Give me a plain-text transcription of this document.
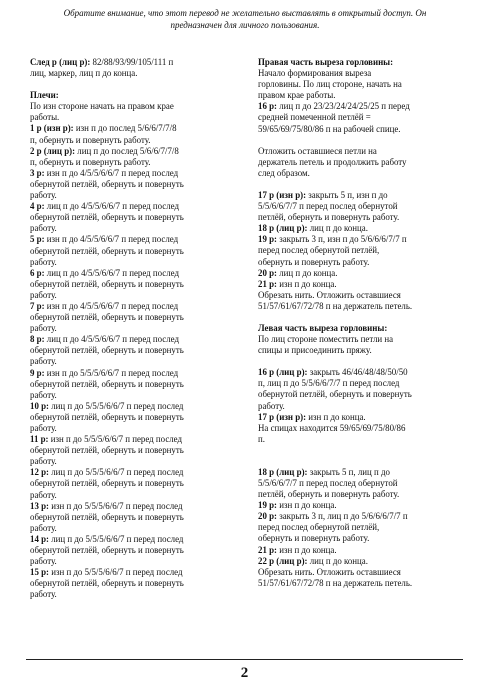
Обратите внимание, что этот перевод не желательно выставлять в открытый доступ. Он
предназначен для личного пользования.
След р (лиц р): 82/88/93/99/105/111 п
лиц, маркер, лиц п до конца.
Плечи:
По изн стороне начать на правом крае
работы.
1 р (изн р): изн п до послед 5/6/6/7/7/8
п, обернуть и повернуть работу.
2 р (лиц р): лиц п до послед 5/6/6/7/7/8
п, обернуть и повернуть работу.
3 р: изн п до 4/5/5/6/6/7 п перед послед
обернутой петлёй, обернуть и повернуть
работу.
4 р: лиц п до 4/5/5/6/6/7 п перед послед
обернутой петлёй, обернуть и повернуть
работу.
5 р: изн п до 4/5/5/6/6/7 п перед послед
обернутой петлёй, обернуть и повернуть
работу.
6 р: лиц п до 4/5/5/6/6/7 п перед послед
обернутой петлёй, обернуть и повернуть
работу.
7 р: изн п до 4/5/5/6/6/7 п перед послед
обернутой петлёй, обернуть и повернуть
работу.
8 р: лиц п до 4/5/5/6/6/7 п перед послед
обернутой петлёй, обернуть и повернуть
работу.
9 р: изн п до 5/5/5/6/6/7 п перед послед
обернутой петлёй, обернуть и повернуть
работу.
10 р: лиц п до 5/5/5/6/6/7 п перед послед
обернутой петлёй, обернуть и повернуть
работу.
11 р: изн п до 5/5/5/6/6/7 п перед послед
обернутой петлёй, обернуть и повернуть
работу.
12 р: лиц п до 5/5/5/6/6/7 п перед послед
обернутой петлёй, обернуть и повернуть
работу.
13 р: изн п до 5/5/5/6/6/7 п перед послед
обернутой петлёй, обернуть и повернуть
работу.
14 р: лиц п до 5/5/5/6/6/7 п перед послед
обернутой петлёй, обернуть и повернуть
работу.
15 р: изн п до 5/5/5/6/6/7 п перед послед
обернутой петлёй, обернуть и повернуть
работу.
Правая часть выреза горловины:
Начало формирования выреза
горловины. По лиц стороне, начать на
правом крае работы.
16 р: лиц п до 23/23/24/24/25/25 п перед
средней помеченной петлёй =
59/65/69/75/80/86 п на рабочей спице.
Отложить оставшиеся петли на
держатель петель и продолжить работу
след образом.
17 р (изн р): закрыть 5 п, изн п до
5/5/6/6/7/7 п перед послед обернутой
петлёй, обернуть и повернуть работу.
18 р (лиц р): лиц п до конца.
19 р: закрыть 3 п, изн п до 5/6/6/6/7/7 п
перед послед обернутой петлёй,
обернуть и повернуть работу.
20 р: лиц п до конца.
21 р: изн п до конца.
Обрезать нить. Отложить оставшиеся
51/57/61/67/72/78 п на держатель петель.
Левая часть выреза горловины:
По лиц стороне поместить петли на
спицы и присоединить пряжу.
16 р (лиц р): закрыть 46/46/48/48/50/50
п, лиц п до 5/5/6/6/7/7 п перед послед
обернутой петлёй, обернуть и повернуть
работу.
17 р (изн р): изн п до конца.
На спицах находится 59/65/69/75/80/86
п.
18 р (лиц р): закрыть 5 п, лиц п до
5/5/6/6/7/7 п перед послед обернутой
петлёй, обернуть и повернуть работу.
19 р: изн п до конца.
20 р: закрыть 3 п, лиц п до 5/6/6/6/7/7 п
перед послед обернутой петлёй,
обернуть и повернуть работу.
21 р: изн п до конца.
22 р (лиц р): лиц п до конца.
Обрезать нить. Отложить оставшиеся
51/57/61/67/72/78 п на держатель петель.
2
